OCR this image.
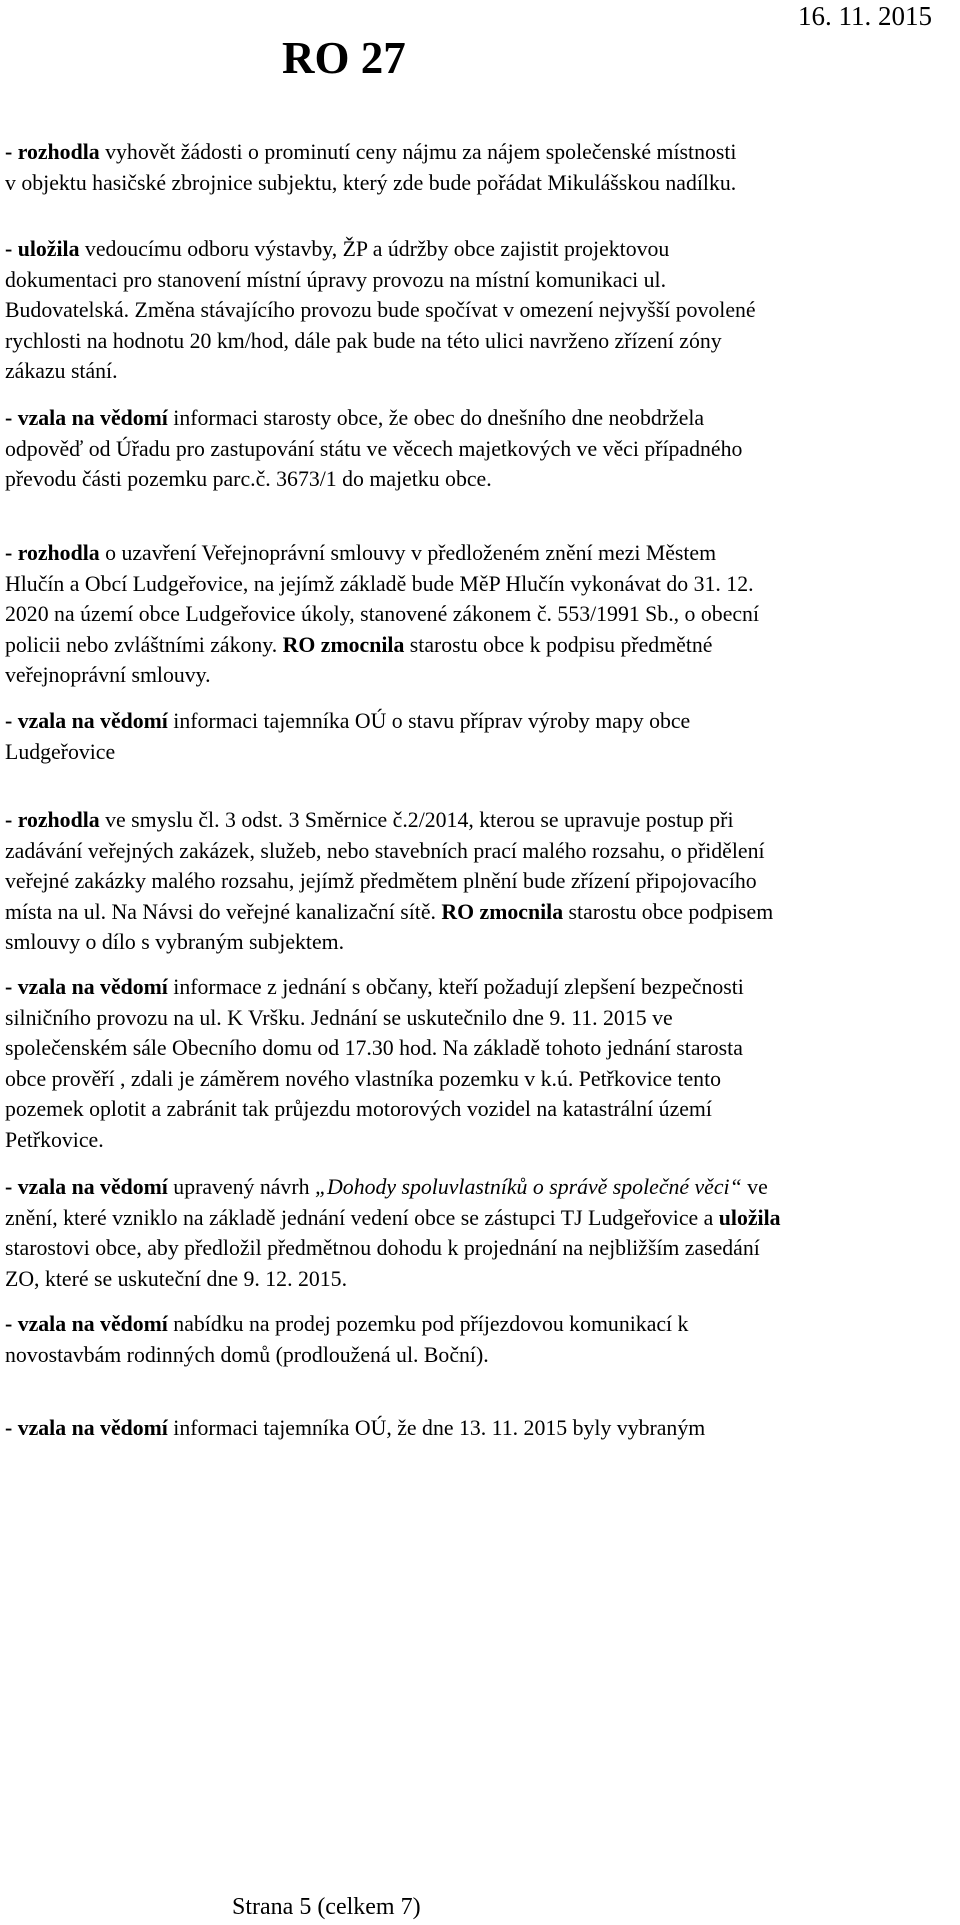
RO 27
16. 11. 2015
- rozhodla vyhovět žádosti o prominutí ceny nájmu za nájem společenské místnosti
v objektu hasičské zbrojnice subjektu, který zde bude pořádat Mikulášskou nadílku.
- uložila vedoucímu odboru výstavby, ŽP a údržby obce zajistit projektovou
dokumentaci pro stanovení místní úpravy provozu na místní komunikaci ul.
Budovatelská. Změna stávajícího provozu bude spočívat v omezení nejvyšší povolené
rychlosti na hodnotu 20 km/hod, dále pak bude na této ulici navrženo zřízení zóny
zákazu stání.
- vzala na vědomí informaci starosty obce, že obec do dnešního dne neobdržela
odpověď od Úřadu pro zastupování státu ve věcech majetkových ve věci případného
převodu části pozemku parc.č. 3673/1 do majetku obce.
- rozhodla o uzavření Veřejnoprávní smlouvy v předloženém znění mezi Městem
Hlučín a Obcí Ludgeřovice, na jejímž základě bude MěP Hlučín vykonávat do 31. 12.
2020 na území obce Ludgeřovice úkoly, stanovené zákonem č. 553/1991 Sb., o obecní
policii nebo zvláštními zákony. RO zmocnila starostu obce k podpisu předmětné
veřejnoprávní smlouvy.
- vzala na vědomí informaci tajemníka OÚ o stavu příprav výroby mapy obce
Ludgeřovice
- rozhodla ve smyslu čl. 3 odst. 3 Směrnice č.2/2014, kterou se upravuje postup při
zadávání veřejných zakázek, služeb, nebo stavebních prací malého rozsahu, o přidělení
veřejné zakázky malého rozsahu, jejímž předmětem plnění bude zřízení připojovacího
místa na ul. Na Návsi do veřejné kanalizační sítě. RO zmocnila starostu obce podpisem
smlouvy o dílo s vybraným subjektem.
- vzala na vědomí informace z jednání s občany, kteří požadují zlepšení bezpečnosti
silničního provozu na ul. K Vršku. Jednání se uskutečnilo dne 9. 11. 2015 ve
společenském sále Obecního domu od 17.30 hod. Na základě tohoto jednání starosta
obce prověří , zdali je záměrem nového vlastníka pozemku v k.ú. Petřkovice tento
pozemek oplotit a zabránit tak průjezdu motorových vozidel na katastrální území
Petřkovice.
- vzala na vědomí upravený návrh „Dohody spoluvlastníků o správě společné věci“ ve
znění, které vzniklo na základě jednání vedení obce se zástupci TJ Ludgeřovice a uložila
starostovi obce, aby předložil předmětnou dohodu k projednání na nejbližším zasedání
ZO, které se uskuteční dne 9. 12. 2015.
- vzala na vědomí nabídku na prodej pozemku pod příjezdovou komunikací k
novostavbám rodinných domů (prodloužená ul. Boční).
- vzala na vědomí informaci tajemníka OÚ, že dne 13. 11. 2015 byly vybraným
Strana 5 (celkem 7)
